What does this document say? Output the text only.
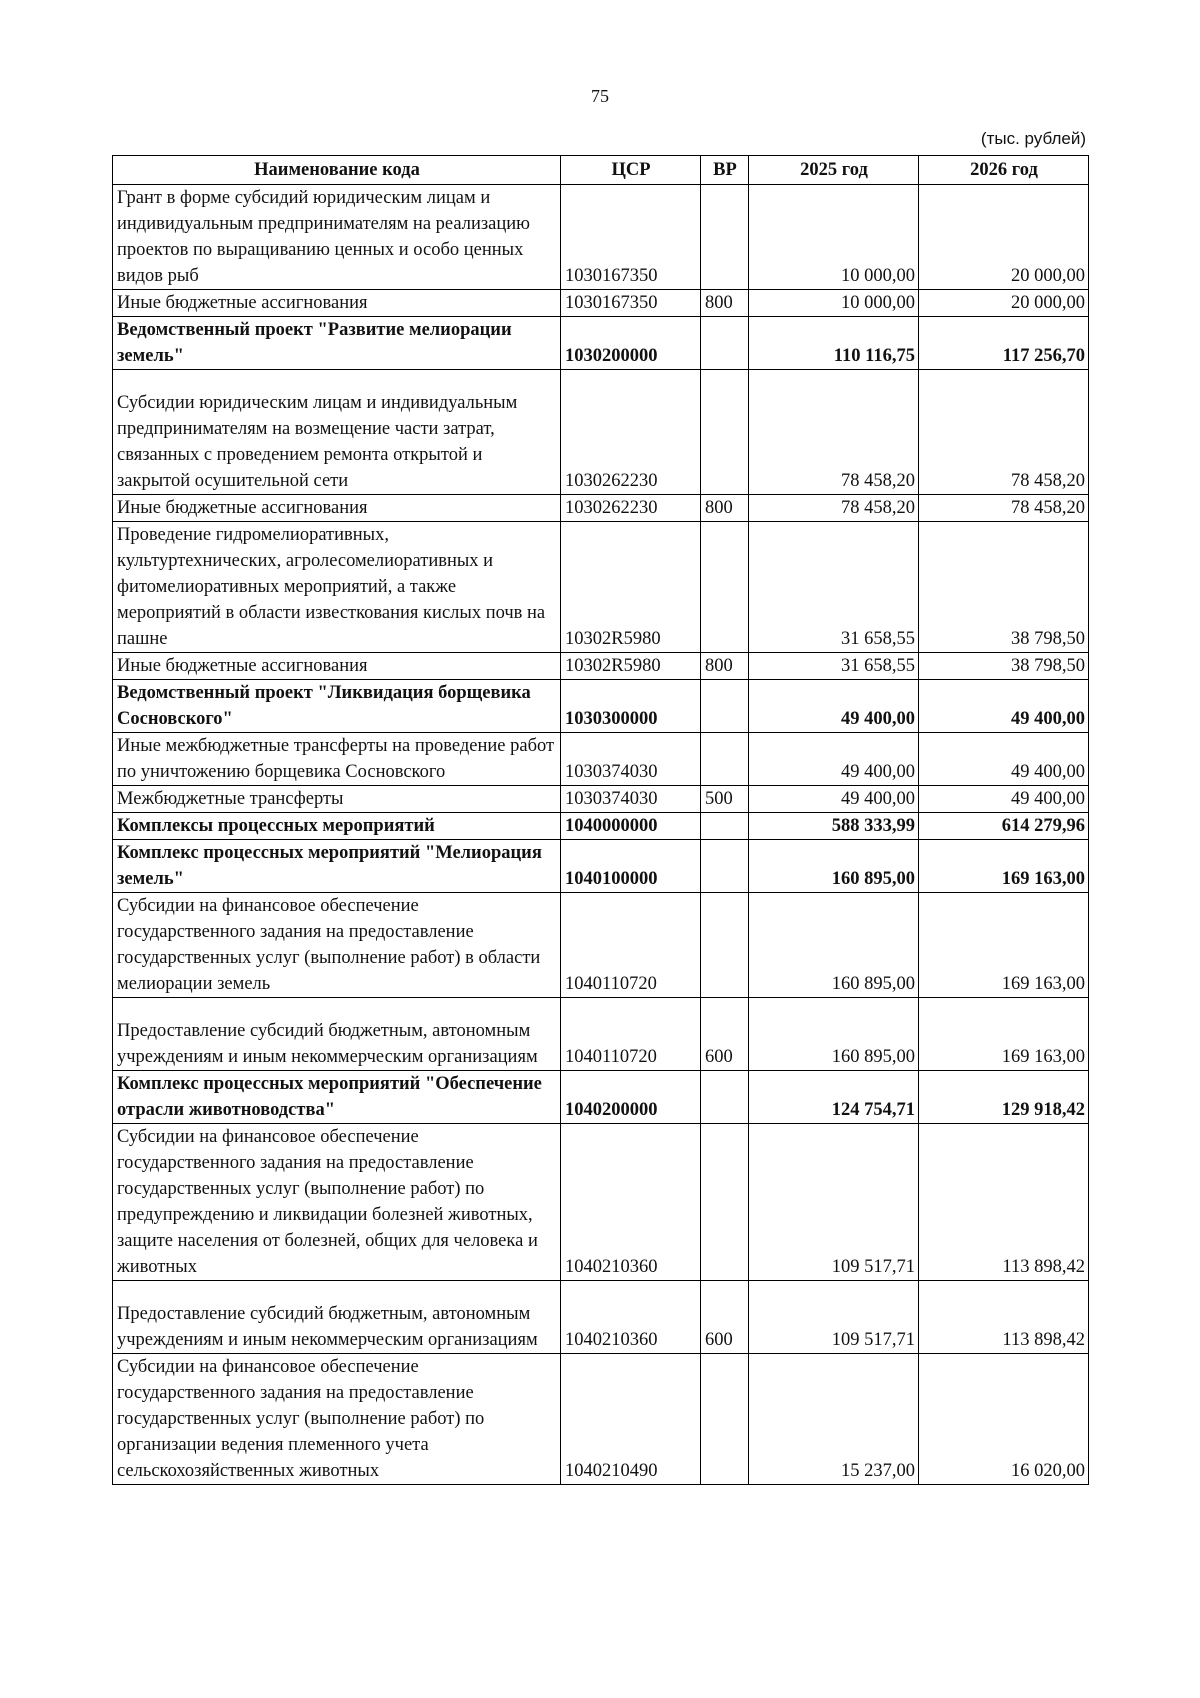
75
(тыс. рублей)
Наименование кода	ЦСР	ВР	2025 год	2026 год
Грант в форме субсидий юридическим лицам и индивидуальным предпринимателям на реализацию проектов по выращиванию ценных и особо ценных видов рыб	1030167350		10 000,00	20 000,00
Иные бюджетные ассигнования	1030167350	800	10 000,00	20 000,00
Ведомственный проект "Развитие мелиорации земель"	1030200000		110 116,75	117 256,70

Субсидии юридическим лицам и индивидуальным предпринимателям на возмещение части затрат, связанных с проведением ремонта открытой и закрытой осушительной сети	1030262230		78 458,20	78 458,20
Иные бюджетные ассигнования	1030262230	800	78 458,20	78 458,20
Проведение гидромелиоративных, культуртехнических, агролесомелиоративных и фитомелиоративных мероприятий, а также мероприятий в области известкования кислых почв на пашне	10302R5980		31 658,55	38 798,50
Иные бюджетные ассигнования	10302R5980	800	31 658,55	38 798,50
Ведомственный проект "Ликвидация борщевика Сосновского"	1030300000		49 400,00	49 400,00
Иные межбюджетные трансферты на проведение работ по уничтожению борщевика Сосновского	1030374030		49 400,00	49 400,00
Межбюджетные трансферты	1030374030	500	49 400,00	49 400,00
Комплексы процессных мероприятий	1040000000		588 333,99	614 279,96
Комплекс процессных мероприятий "Мелиорация земель"	1040100000		160 895,00	169 163,00
Субсидии на финансовое обеспечение государственного задания на предоставление государственных услуг (выполнение работ) в области мелиорации земель	1040110720		160 895,00	169 163,00

Предоставление субсидий бюджетным, автономным учреждениям и иным некоммерческим организациям	1040110720	600	160 895,00	169 163,00
Комплекс процессных мероприятий "Обеспечение отрасли животноводства"	1040200000		124 754,71	129 918,42
Субсидии на финансовое обеспечение государственного задания на предоставление государственных услуг (выполнение работ) по предупреждению и ликвидации болезней животных, защите населения от болезней, общих для человека и животных	1040210360		109 517,71	113 898,42

Предоставление субсидий бюджетным, автономным учреждениям и иным некоммерческим организациям	1040210360	600	109 517,71	113 898,42
Субсидии на финансовое обеспечение государственного задания на предоставление государственных услуг (выполнение работ) по организации ведения племенного учета сельскохозяйственных животных	1040210490		15 237,00	16 020,00
